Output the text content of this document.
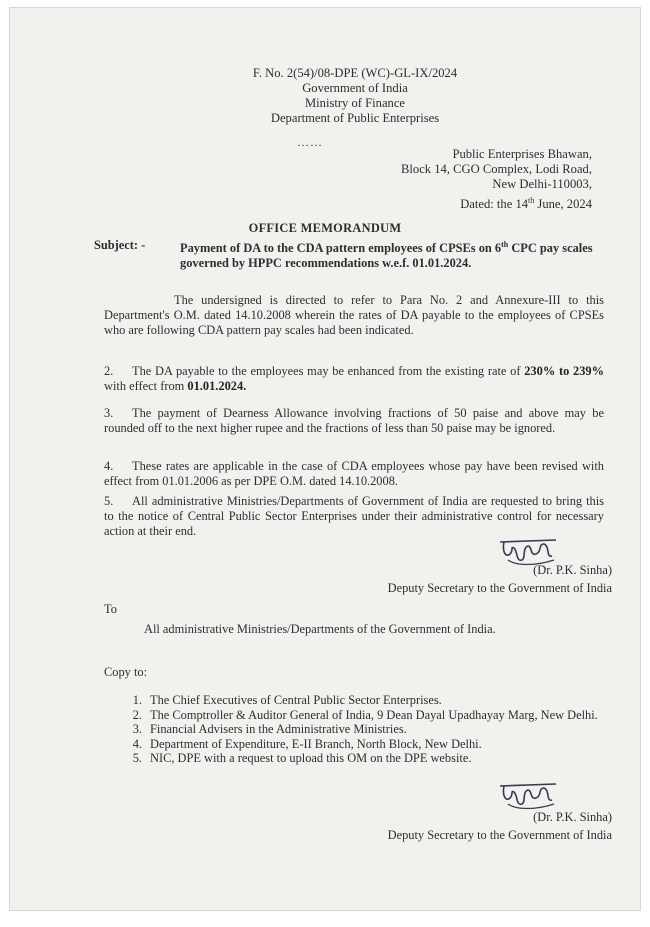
F. No. 2(54)/08-DPE (WC)-GL-IX/2024
Government of India
Ministry of Finance
Department of Public Enterprises
……
Public Enterprises Bhawan,
Block 14, CGO Complex, Lodi Road,
New Delhi-110003,
Dated: the 14th June, 2024
OFFICE MEMORANDUM
Subject: -	Payment of DA to the CDA pattern employees of CPSEs on 6th CPC pay scales governed by HPPC recommendations w.e.f. 01.01.2024.
The undersigned is directed to refer to Para No. 2 and Annexure-III to this Department's O.M. dated 14.10.2008 wherein the rates of DA payable to the employees of CPSEs who are following CDA pattern pay scales had been indicated.
2. The DA payable to the employees may be enhanced from the existing rate of 230% to 239% with effect from 01.01.2024.
3. The payment of Dearness Allowance involving fractions of 50 paise and above may be rounded off to the next higher rupee and the fractions of less than 50 paise may be ignored.
4. These rates are applicable in the case of CDA employees whose pay have been revised with effect from 01.01.2006 as per DPE O.M. dated 14.10.2008.
5. All administrative Ministries/Departments of Government of India are requested to bring this to the notice of Central Public Sector Enterprises under their administrative control for necessary action at their end.
(Dr. P.K. Sinha)
Deputy Secretary to the Government of India
To
All administrative Ministries/Departments of the Government of India.
Copy to:
1. The Chief Executives of Central Public Sector Enterprises.
2. The Comptroller & Auditor General of India, 9 Dean Dayal Upadhayay Marg, New Delhi.
3. Financial Advisers in the Administrative Ministries.
4. Department of Expenditure, E-II Branch, North Block, New Delhi.
5. NIC, DPE with a request to upload this OM on the DPE website.
(Dr. P.K. Sinha)
Deputy Secretary to the Government of India
